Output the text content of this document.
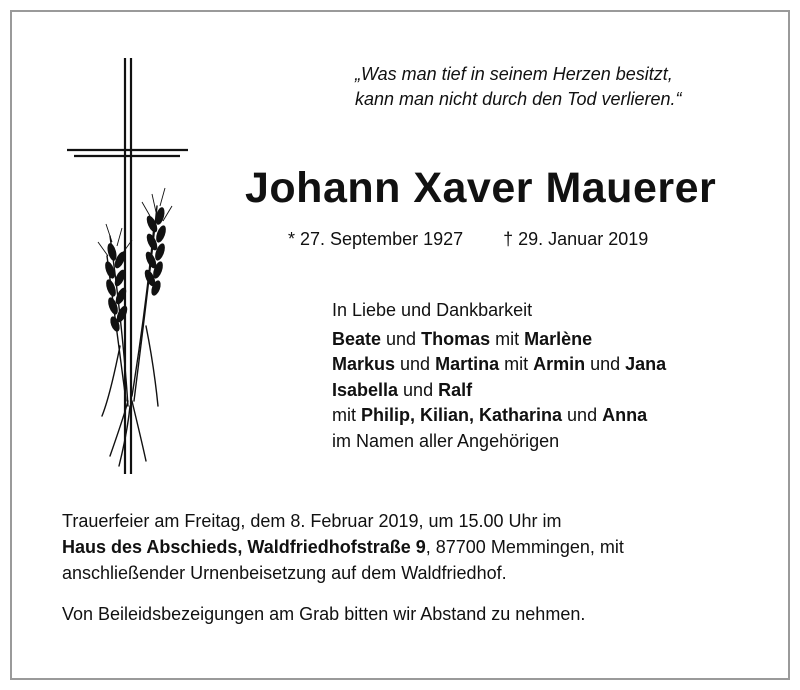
„Was man tief in seinem Herzen besitzt,
kann man nicht durch den Tod verlieren.“
Johann Xaver Mauerer
* 27. September 1927 † 29. Januar 2019
In Liebe und Dankbarkeit
Beate und Thomas mit Marlène
Markus und Martina mit Armin und Jana
Isabella und Ralf
mit Philip, Kilian, Katharina und Anna
im Namen aller Angehörigen
Trauerfeier am Freitag, dem 8. Februar 2019, um 15.00 Uhr im
Haus des Abschieds, Waldfriedhofstraße 9, 87700 Memmingen, mit
anschließender Urnenbeisetzung auf dem Waldfriedhof.
Von Beileidsbezeigungen am Grab bitten wir Abstand zu nehmen.
